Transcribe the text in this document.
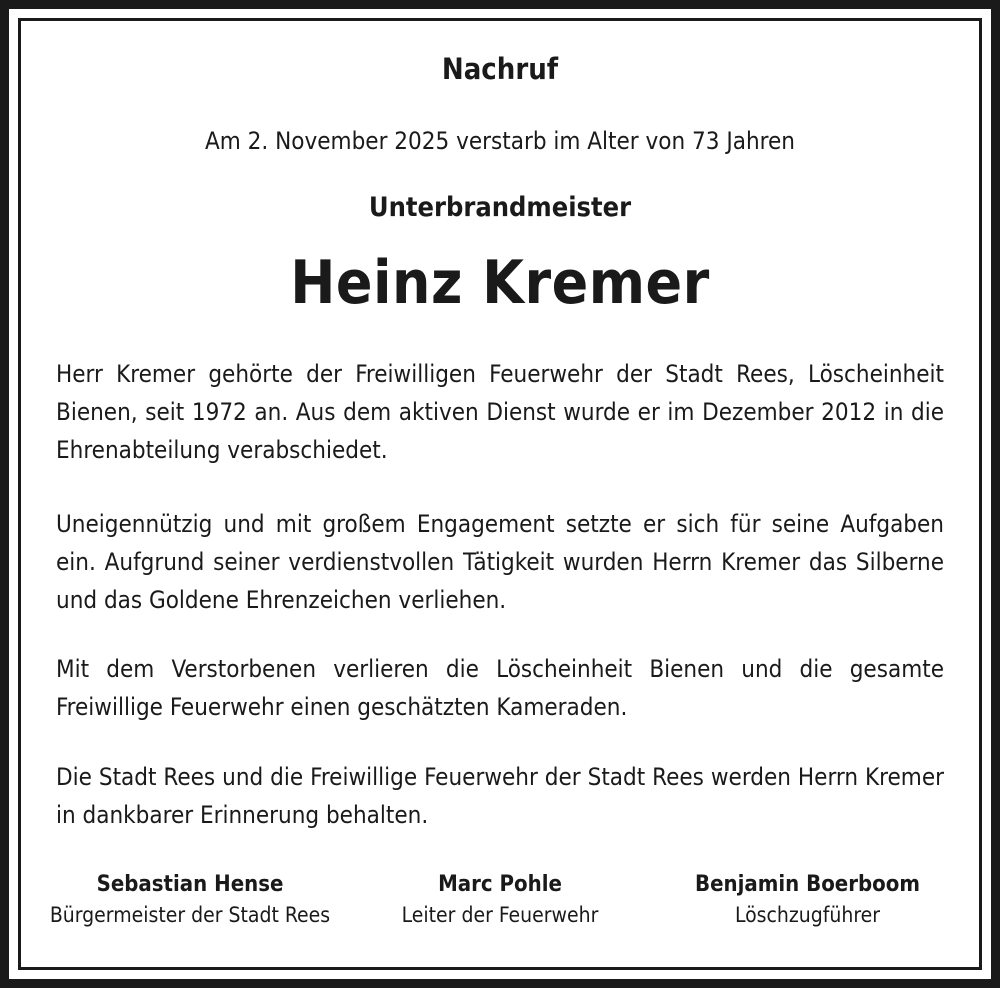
Nachruf
Am 2. November 2025 verstarb im Alter von 73 Jahren
Unterbrandmeister
Heinz Kremer

Herr Kremer gehörte der Freiwilligen Feuerwehr der Stadt Rees, Löscheinheit Bienen, seit 1972 an. Aus dem aktiven Dienst wurde er im Dezember 2012 in die Ehrenabteilung verabschiedet.

Uneigennützig und mit großem Engagement setzte er sich für seine Aufgaben ein. Aufgrund seiner verdienstvollen Tätigkeit wurden Herrn Kremer das Silberne und das Goldene Ehrenzeichen verliehen.

Mit dem Verstorbenen verlieren die Löscheinheit Bienen und die gesamte Freiwillige Feuerwehr einen geschätzten Kameraden.

Die Stadt Rees und die Freiwillige Feuerwehr der Stadt Rees werden Herrn Kremer in dankbarer Erinnerung behalten.

Sebastian Hense
Bürgermeister der Stadt Rees
Marc Pohle
Leiter der Feuerwehr
Benjamin Boerboom
Löschzugführer
